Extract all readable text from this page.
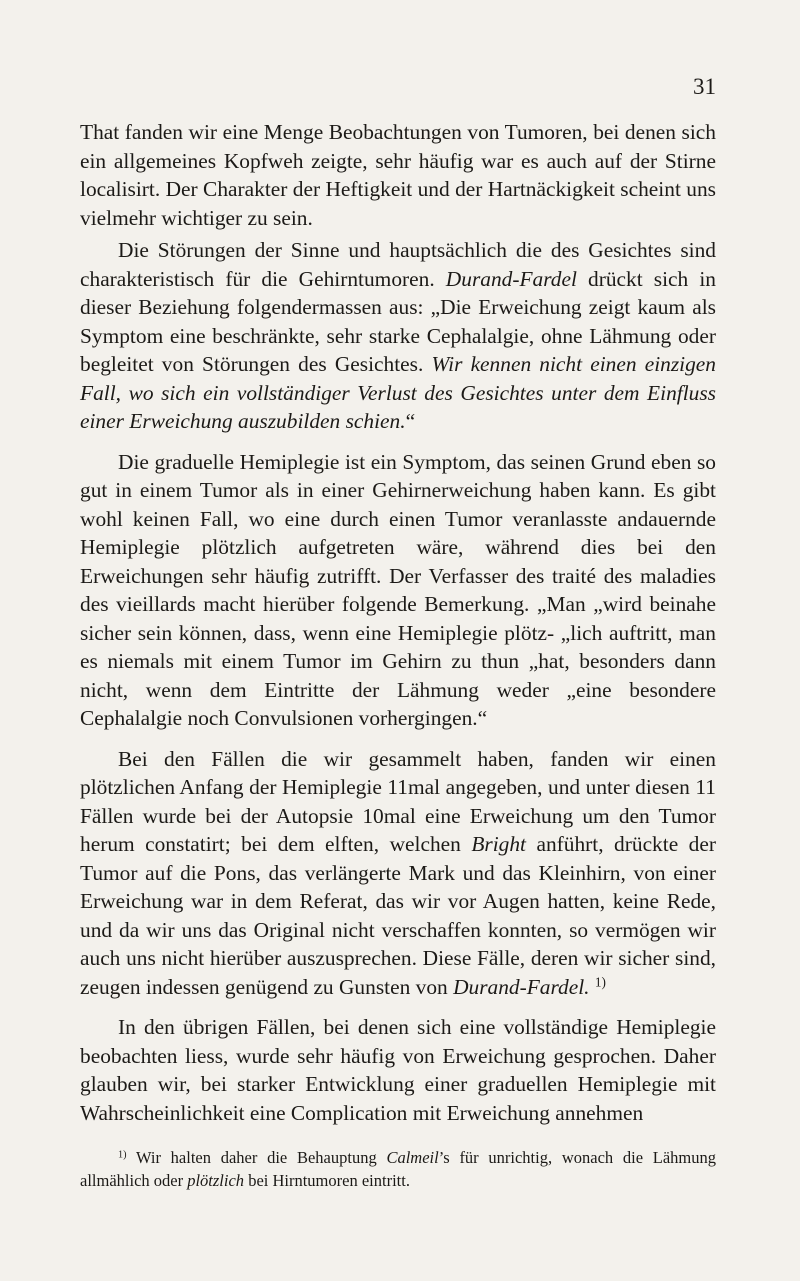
31

That fanden wir eine Menge Beobachtungen von Tumoren, bei denen sich ein allgemeines Kopfweh zeigte, sehr häufig war es auch auf der Stirne localisirt. Der Charakter der Heftigkeit und der Hartnäckigkeit scheint uns vielmehr wichtiger zu sein.

Die Störungen der Sinne und hauptsächlich die des Gesichtes sind charakteristisch für die Gehirntumoren. Durand-Fardel drückt sich in dieser Beziehung folgendermassen aus: „Die Erweichung zeigt kaum als Symptom eine beschränkte, sehr starke Cephalalgie, ohne Lähmung oder begleitet von Störungen des Gesichtes. Wir kennen nicht einen einzigen Fall, wo sich ein vollständiger Verlust des Gesichtes unter dem Einfluss einer Erweichung auszubilden schien.“

Die graduelle Hemiplegie ist ein Symptom, das seinen Grund eben so gut in einem Tumor als in einer Gehirnerweichung haben kann. Es gibt wohl keinen Fall, wo eine durch einen Tumor veranlasste andauernde Hemiplegie plötzlich aufgetreten wäre, während dies bei den Erweichungen sehr häufig zutrifft. Der Verfasser des traité des maladies des vieillards macht hierüber folgende Bemerkung. „Man „wird beinahe sicher sein können, dass, wenn eine Hemiplegie plötz- „lich auftritt, man es niemals mit einem Tumor im Gehirn zu thun „hat, besonders dann nicht, wenn dem Eintritte der Lähmung weder „eine besondere Cephalalgie noch Convulsionen vorhergingen.“

Bei den Fällen die wir gesammelt haben, fanden wir einen plötzlichen Anfang der Hemiplegie 11mal angegeben, und unter diesen 11 Fällen wurde bei der Autopsie 10mal eine Erweichung um den Tumor herum constatirt; bei dem elften, welchen Bright anführt, drückte der Tumor auf die Pons, das verlängerte Mark und das Kleinhirn, von einer Erweichung war in dem Referat, das wir vor Augen hatten, keine Rede, und da wir uns das Original nicht verschaffen konnten, so vermögen wir auch uns nicht hierüber auszusprechen. Diese Fälle, deren wir sicher sind, zeugen indessen genügend zu Gunsten von Durand-Fardel. $^{1)}$

In den übrigen Fällen, bei denen sich eine vollständige Hemiplegie beobachten liess, wurde sehr häufig von Erweichung gesprochen. Daher glauben wir, bei starker Entwicklung einer graduellen Hemiplegie mit Wahrscheinlichkeit eine Complication mit Erweichung annehmen

$^{1)}$ Wir halten daher die Behauptung Calmeil’s für unrichtig, wonach die Lähmung allmählich oder plötzlich bei Hirntumoren eintritt.
